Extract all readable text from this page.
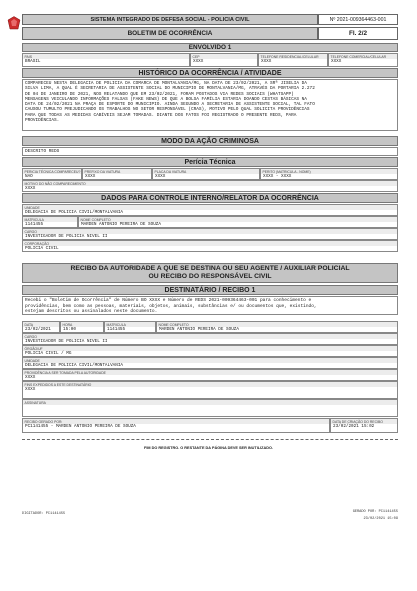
SISTEMA INTEGRADO DE DEFESA SOCIAL - POLICIA CIVIL	Nº 2021-009364463-001
BOLETIM DE OCORRÊNCIA	Fl. 2/2
ENVOLVIDO 1
PAIS
BRASIL
CEP
XXXX
TELEFONE RESIDENCIAL/CELULAR
XXXX
TELEFONE COMERCIAL/CELULAR
XXXX
HISTÓRICO DA OCORRÊNCIA / ATIVIDADE
COMPARECEU NESTA DELEGACIA DE POLICIA DA COMARCA DE MONTALVANIA/MG, NA DATA DE 23/02/2021, A SRª JISELIA DA
SILVA LIMA, A QUAL É SECRETARIA DE ASSISTENTE SOCIAL DO MUNICIPIO DE MONTALVANIA/MG, ATRAVÉS DA PORTARIA 2.272
DE 04 DE JANEIRO DE 2021, NOS RELATANDO QUE EM 23/02/2021, FORAM POSTADOS VIA REDES SOCIAIS (WHATSAPP)
MENSAGENS VEICULANDO INFORMAÇÕES FALSAS (FAKE NEWS) DE QUE A BOLSA FAMÍLIA ESTARIA DOANDO CESTAS BÁSICAS NA
DATA DE 24/02/2021 NA PRAÇA DE ESPORTE DO MUNICIPIO. AINDA SEGUNDO A SECRETARIA DE ASSISTENTE SOCIAL, TAL FATO
CAUSOU TUMULTO PREJUDICANDO OS TRABALHOS NO SETOR RESPONSÁVEL (CRAS), MOTIVO PELO QUAL SOLICITA PROVIDÊNCIAS
PARA QUE TODAS AS MEDIDAS CABÍVEIS SEJAM TOMADAS. DIANTE DOS FATOS FOI REGISTRADO O PRESENTE REDS, PARA
PROVIDÊNCIAS.
MODO DA AÇÃO CRIMINOSA
DESCRITO REDS
Perícia Técnica
PERICIA TÉCNICA COMPARECEU?
NAO
PREFIXO DA VIATURA
XXXX
PLACA DA VIATURA
XXXX
PERITO (MATRICULA - NOME)
XXXX - XXXX
MOTIVO DO NÃO COMPARECIMENTO
XXXX
DADOS PARA CONTROLE INTERNO/RELATOR DA OCORRÊNCIA
UNIDADE
DELEGACIA DE POLICIA CIVIL/MONTALVANIA
MATRICULA
1141455
NOME COMPLETO
MARDEN ANTONIO PEREIRA DE SOUZA
CARGO
INVESTIGADOR DE POLICIA NIVEL II
CORPORAÇÃO
POLICIA CIVIL
RECIBO DA AUTORIDADE A QUE SE DESTINA OU SEU AGENTE / AUXILIAR POLICIAL
OU RECIBO DO RESPONSÁVEL CIVIL
DESTINATÁRIO / RECIBO 1
Recebi o "Boletim de Ocorrência" de Número BO XXXX e Número de REDS 2021-009364463-001 para conhecimento e
providências, bem como as pessoas, materiais, objetos, animais, substâncias e/ ou documentos que, existindo,
estejam descritos ou assinalados neste documento.
DATA
23/02/2021
HORA
15:00
MATRICULA
1141455
NOME COMPLETO
MARDEN ANTONIO PEREIRA DE SOUZA
CARGO
INVESTIGADOR DE POLICIA NIVEL II
ÓRGÃO/UF
POLICIA CIVIL / MG
UNIDADE
DELEGACIA DE POLICIA CIVIL/MONTALVANIA
PROVIDÊNCIA A SER TOMADA PELA AUTORIDADE
XXXX
FINS EXPEDIDOS A ESTE DESTINATÁRIO
XXXX
ASSINATURA
RECIBO GERADO POR:
PC1141455 - MARDEN ANTONIO PEREIRA DE SOUZA
DATA DE CRIAÇÃO DO RECIBO
23/02/2021 15:02
FIM DO REGISTRO. O RESTANTE DA PÁGINA DEVE SER INUTILIZADO.
DIGITADOR: PC1141455	GERADO POR: PC1141455
23/02/2021 15:09
